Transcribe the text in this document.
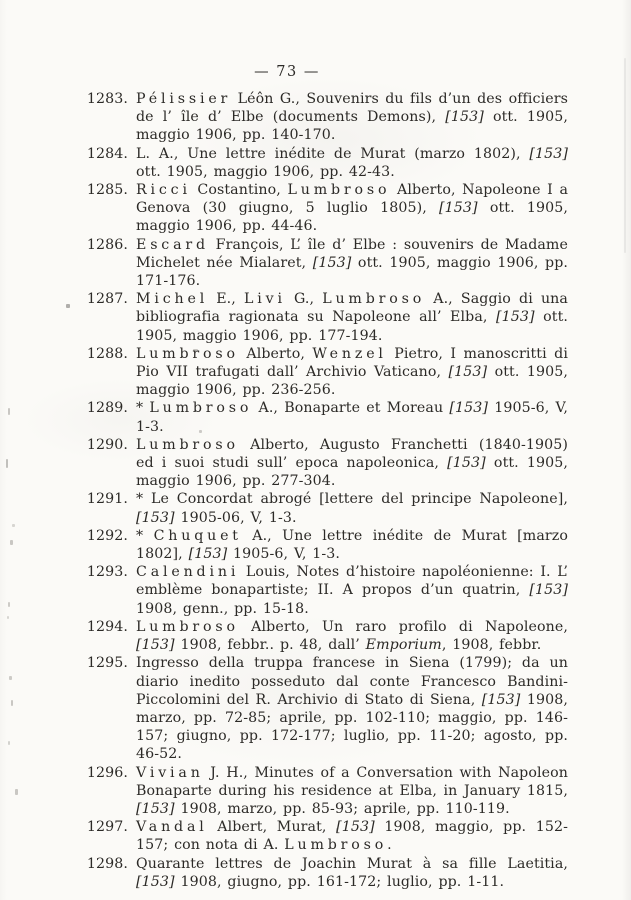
— 73 —
1283. Pélissier Léôn G., Souvenirs du fils d’un des officiers de l’ île d’ Elbe (documents Demons), [153] ott. 1905, maggio 1906, pp. 140-170.
1284. L. A., Une lettre inédite de Murat (marzo 1802), [153] ott. 1905, maggio 1906, pp. 42-43.
1285. Ricci Costantino, Lumbroso Alberto, Napoleone I a Genova (30 giugno, 5 luglio 1805), [153] ott. 1905, maggio 1906, pp. 44-46.
1286. Escard François, L’ île d’ Elbe : souvenirs de Madame Michelet née Mialaret, [153] ott. 1905, maggio 1906, pp. 171-176.
1287. Michel E., Livi G., Lumbroso A., Saggio di una bibliografia ragionata su Napoleone all’ Elba, [153] ott. 1905, maggio 1906, pp. 177-194.
1288. Lumbroso Alberto, Wenzel Pietro, I manoscritti di Pio VII trafugati dall’ Archivio Vaticano, [153] ott. 1905, maggio 1906, pp. 236-256.
1289. * Lumbroso A., Bonaparte et Moreau [153] 1905-6, V, 1-3.
1290. Lumbroso Alberto, Augusto Franchetti (1840-1905) ed i suoi studi sull’ epoca napoleonica, [153] ott. 1905, maggio 1906, pp. 277-304.
1291. * Le Concordat abrogé [lettere del principe Napoleone], [153] 1905-06, V, 1-3.
1292. * Chuquet A., Une lettre inédite de Murat [marzo 1802], [153] 1905-6, V, 1-3.
1293. Calendini Louis, Notes d’histoire napoléonienne: I. L’ emblème bonapartiste; II. A propos d’un quatrin, [153] 1908, genn., pp. 15-18.
1294. Lumbroso Alberto, Un raro profilo di Napoleone, [153] 1908, febbr.. p. 48, dall’ Emporium, 1908, febbr.
1295. Ingresso della truppa francese in Siena (1799); da un diario inedito posseduto dal conte Francesco Bandini-Piccolomini del R. Archivio di Stato di Siena, [153] 1908, marzo, pp. 72-85; aprile, pp. 102-110; maggio, pp. 146-157; giugno, pp. 172-177; luglio, pp. 11-20; agosto, pp. 46-52.
1296. Vivian J. H., Minutes of a Conversation with Napoleon Bonaparte during his residence at Elba, in January 1815, [153] 1908, marzo, pp. 85-93; aprile, pp. 110-119.
1297. Vandal Albert, Murat, [153] 1908, maggio, pp. 152-157; con nota di A. Lumbroso.
1298. Quarante lettres de Joachin Murat à sa fille Laetitia, [153] 1908, giugno, pp. 161-172; luglio, pp. 1-11.
